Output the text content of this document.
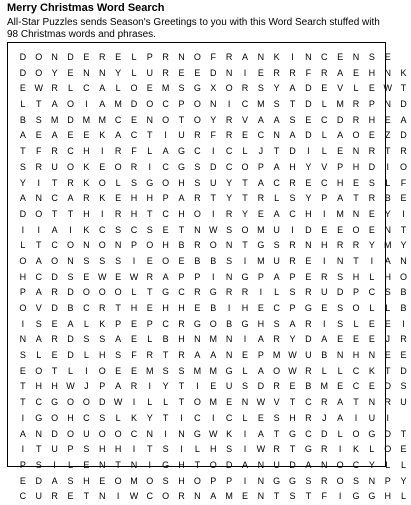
Merry Christmas Word Search

All-Star Puzzles sends Season's Greetings to you with this Word Search stuffed with 98 Christmas words and phrases.

D	O	N	D	E	R	E	L	P	R	N	O	F	R	A	N	K	I	N	C	E	N	S	E
D	O	Y	E	N	N	Y	L	U	R	E	E	D	N	I	E	R	R	F	R	A	E	H	N	K
E W R	L	C	A	L	O	E	M	S	G	X	O	R	S	Y	A	D	E	V	L	E W T
L	T	A	O	I	A	M D	O	C	P	O	N	I	C M	S	T	D	L	M R	P	N	D
B	S	M D M M C	E	N	O	T	O	Y	R	V	A	A	S	E	C	D	R	H	E	A
A	E	A	E	E	K	A	C	T	I	U	R	F	R	E	C	N	A	D	L	A	O	E	Z	D
T	F	R	C	H	I	R	F	L	A	G	C	I	C	L	J	T	D	I	L	E	N	R	T	R
S	R	U	O	K	E	O	R	I	C	G	S	D	C	O	P	A	H	Y	V	P	H	D	I	O
Y	I	T	R	K	O	L	S	G O	H	S	U	Y	T	A	C	R	E	C	H	E	S	L	F
A	N	C	A	R	K	E	H	H	P	A	R	T	Y	T	R	L	S	Y	P	A	T	R	B	E
D	O	T	T	H	I	R	H	T	C	H	O	I	R	Y	E	A	C	H	I	M N	E	Y	I
I	I	A	I	K	C	S	C	S	E	T	N W S	O M U	I	D	E	E	O	E	N	T
L	T	C	O	N	O	N	P	O	H	B	R	O	N	T	G	S	R	N	H	R	R	Y	M	Y
O	A	O	N	S	S	S	I	E	O	E	B	B	S	I	M U	R	E	I	N	T	I	A	N
H	C	D	S	E W E W R	A	P	P	I	N	G	P	A	P	E	R	S	H	L	H	O
P	A	R	D	O O O	L	T	G	C	R	G	R	R	I	L	S	R	U	D	P	C	S	B
O	V	D	B	C	R	T	H	E	H	H	E	B	I	H	E	C	P	G	E	S	O	L	L	B
I	S	E	A	L	K	P	E	P	C	R	G O	B	G	H	S	A	R	I	S	L	E	E	I
N	A	R	D	S	S	A	E	L	B	H	N M N	I	A	R	Y	D	A	E	E	E	J	R
S	L	E	D	L	H	S	F	R	T	R	A	A	N	E	P	M W U	B	N	H	N	E	E
E	O	T	L	I	O	E	E	M	S	S	M M G	L	A	O W R	L	L	C	K	T	D
T	H	H W	J	P	A	R	I	Y	T	I	E	U	S	D	R	E	B	M	E	C	E	D	S
T	C	G O O	D W	I	L	L	T	O M	E	N W V	T	C	R	A	T	N	R	U
I	G O	H	C	S	L	K	Y	T	I	C	I	C	L	E	S	H	R	J	A	I	U	I
A	N	D	O	U	O O	C	N	I	N	G W K	I	A	T	G	C	D	L	O G	D	T
I	T	U	P	S	H	H	I	T	S	I	L	H	S	I	W R	T	G	R	I	K	L	O	E
P	S	I	L	E	N	T	N	I	G	H	T	O	D	A	N	U	D	A	N	O	C	Y	L	L
E	D	A	S	H	E	O M O	S	H	O	P	P	I	N	G G	S	R	O	S	N	P	Y
C	U	R	E	T	N	I	W C	O	R	N	A	M	E	N	T	S	T	F	I	G G	H	L
